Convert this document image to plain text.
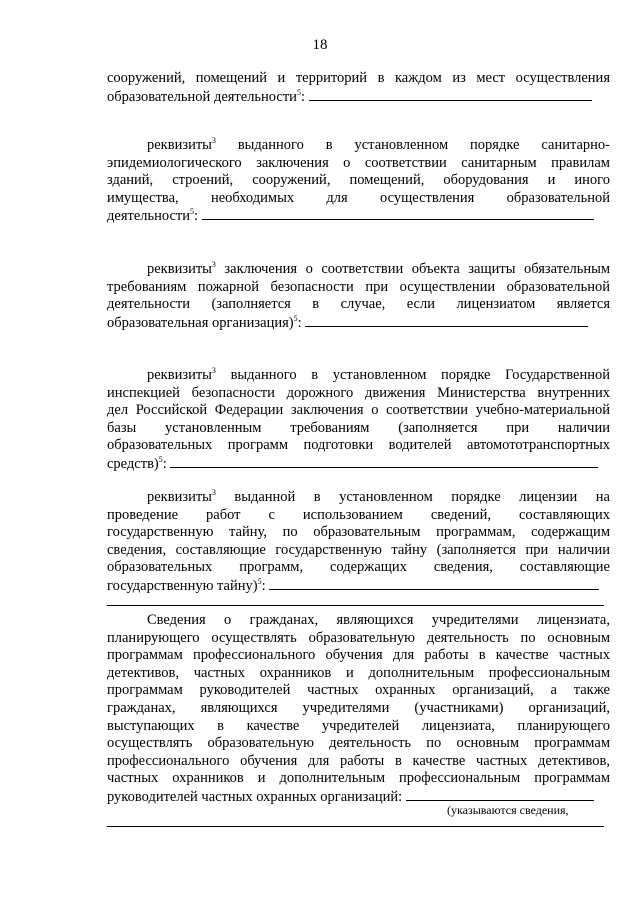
18
сооружений, помещений и территорий в каждом из мест осуществления
образовательной деятельности$^5$:
реквизиты$^3$ выданного в установленном порядке санитарно-
эпидемиологического заключения о соответствии санитарным правилам
зданий, строений, сооружений, помещений, оборудования и иного
имущества, необходимых для осуществления образовательной
деятельности$^5$:
реквизиты$^3$ заключения о соответствии объекта защиты обязательным
требованиям пожарной безопасности при осуществлении образовательной
деятельности (заполняется в случае, если лицензиатом является
образовательная организация)$^5$:
реквизиты$^3$ выданного в установленном порядке Государственной
инспекцией безопасности дорожного движения Министерства внутренних
дел Российской Федерации заключения о соответствии учебно-материальной
базы установленным требованиям (заполняется при наличии
образовательных программ подготовки водителей автомототранспортных
средств)$^5$:
реквизиты$^3$ выданной в установленном порядке лицензии на
проведение работ с использованием сведений, составляющих
государственную тайну, по образовательным программам, содержащим
сведения, составляющие государственную тайну (заполняется при наличии
образовательных программ, содержащих сведения, составляющие
государственную тайну)$^5$:
Сведения о гражданах, являющихся учредителями лицензиата,
планирующего осуществлять образовательную деятельность по основным
программам профессионального обучения для работы в качестве частных
детективов, частных охранников и дополнительным профессиональным
программам руководителей частных охранных организаций, а также
гражданах, являющихся учредителями (участниками) организаций,
выступающих в качестве учредителей лицензиата, планирующего
осуществлять образовательную деятельность по основным программам
профессионального обучения для работы в качестве частных детективов,
частных охранников и дополнительным профессиональным программам
руководителей частных охранных организаций:
(указываются сведения,
